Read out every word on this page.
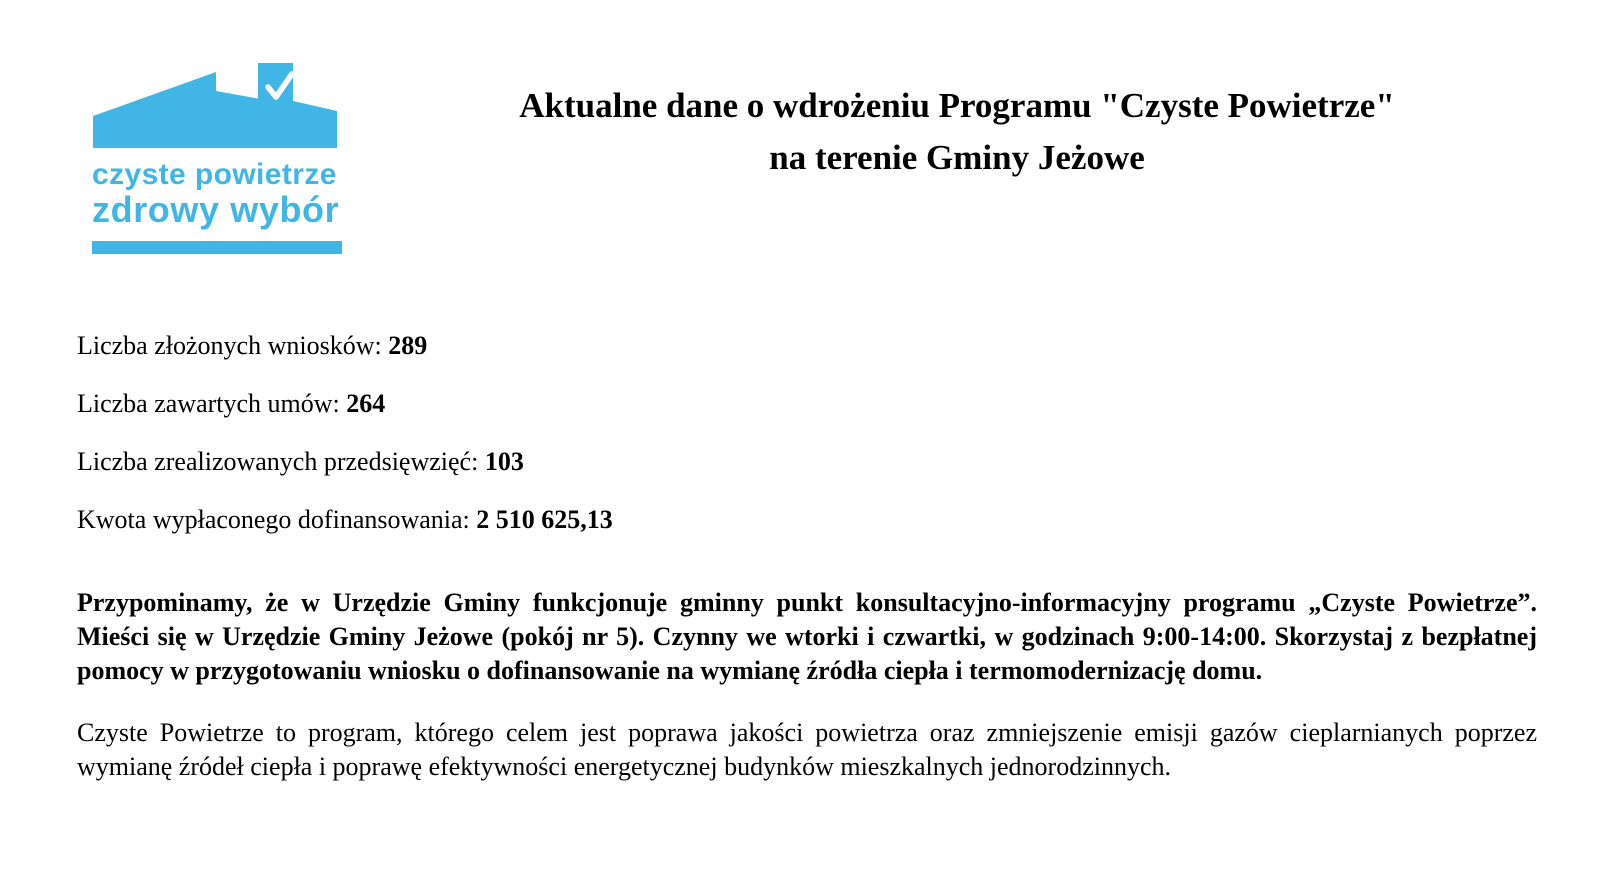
czyste powietrze
zdrowy wybór
Aktualne dane o wdrożeniu Programu "Czyste Powietrze"
na terenie Gminy Jeżowe
Liczba złożonych wniosków: 289
Liczba zawartych umów: 264
Liczba zrealizowanych przedsięwzięć: 103
Kwota wypłaconego dofinansowania: 2 510 625,13
Przypominamy, że w Urzędzie Gminy funkcjonuje gminny punkt konsultacyjno-informacyjny programu „Czyste Powietrze”. Mieści się w Urzędzie Gminy Jeżowe (pokój nr 5). Czynny we wtorki i czwartki, w godzinach 9:00-14:00. Skorzystaj z bezpłatnej pomocy w przygotowaniu wniosku o dofinansowanie na wymianę źródła ciepła i termomodernizację domu.
Czyste Powietrze to program, którego celem jest poprawa jakości powietrza oraz zmniejszenie emisji gazów cieplarnianych poprzez wymianę źródeł ciepła i poprawę efektywności energetycznej budynków mieszkalnych jednorodzinnych.
